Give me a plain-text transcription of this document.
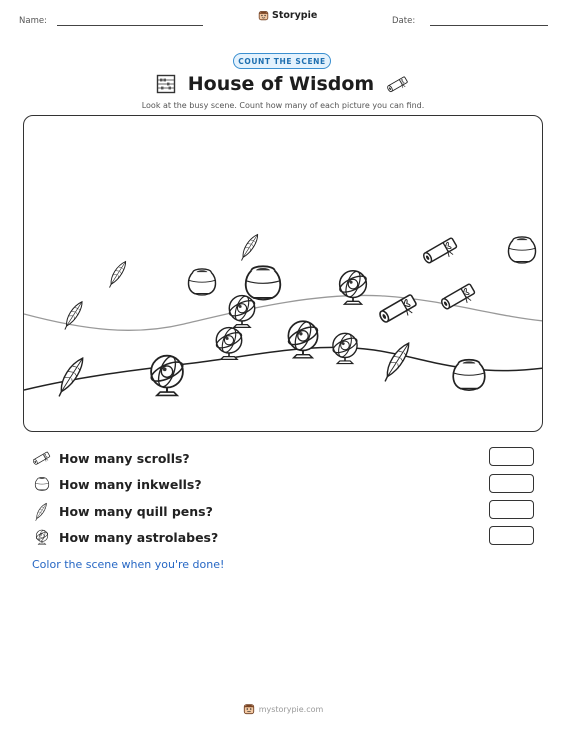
Name:	Storypie	Date:
COUNT THE SCENE
House of Wisdom
Look at the busy scene. Count how many of each picture you can find.
How many scrolls?
How many inkwells?
How many quill pens?
How many astrolabes?
Color the scene when you're done!
mystorypie.com
